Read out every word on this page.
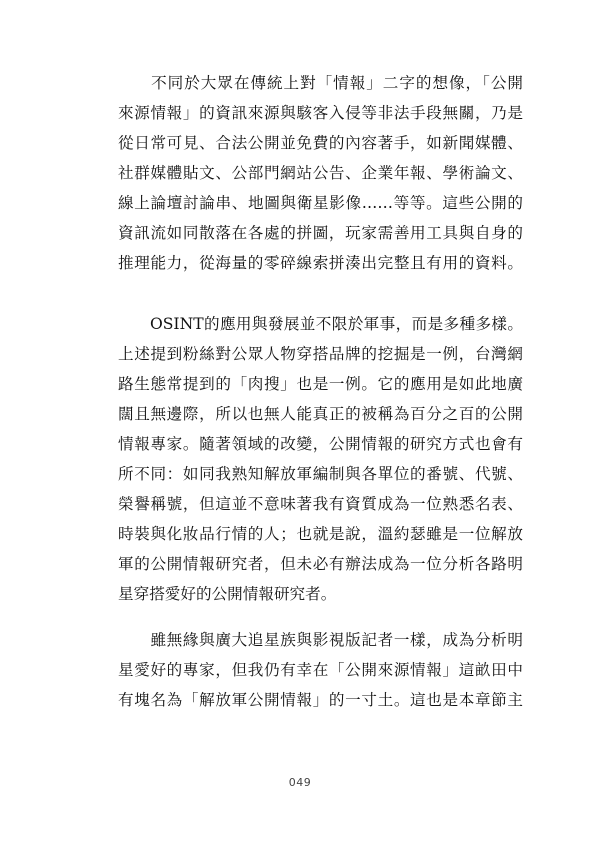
　　不同於大眾在傳統上對「情報」二字的想像，「公開
來源情報」的資訊來源與駭客入侵等非法手段無關，乃是
從日常可見、合法公開並免費的內容著手，如新聞媒體、
社群媒體貼文、公部門網站公告、企業年報、學術論文、
線上論壇討論串、地圖與衛星影像……等等。這些公開的
資訊流如同散落在各處的拼圖，玩家需善用工具與自身的
推理能力，從海量的零碎線索拼湊出完整且有用的資料。
　　OSINT的應用與發展並不限於軍事，而是多種多樣。
上述提到粉絲對公眾人物穿搭品牌的挖掘是一例，台灣網
路生態常提到的「肉搜」也是一例。它的應用是如此地廣
闊且無邊際，所以也無人能真正的被稱為百分之百的公開
情報專家。隨著領域的改變，公開情報的研究方式也會有
所不同：如同我熟知解放軍編制與各單位的番號、代號、
榮譽稱號，但這並不意味著我有資質成為一位熟悉名表、
時裝與化妝品行情的人；也就是說，溫約瑟雖是一位解放
軍的公開情報研究者，但未必有辦法成為一位分析各路明
星穿搭愛好的公開情報研究者。
　　雖無緣與廣大追星族與影視版記者一樣，成為分析明
星愛好的專家，但我仍有幸在「公開來源情報」這畝田中
有塊名為「解放軍公開情報」的一寸土。這也是本章節主
049
